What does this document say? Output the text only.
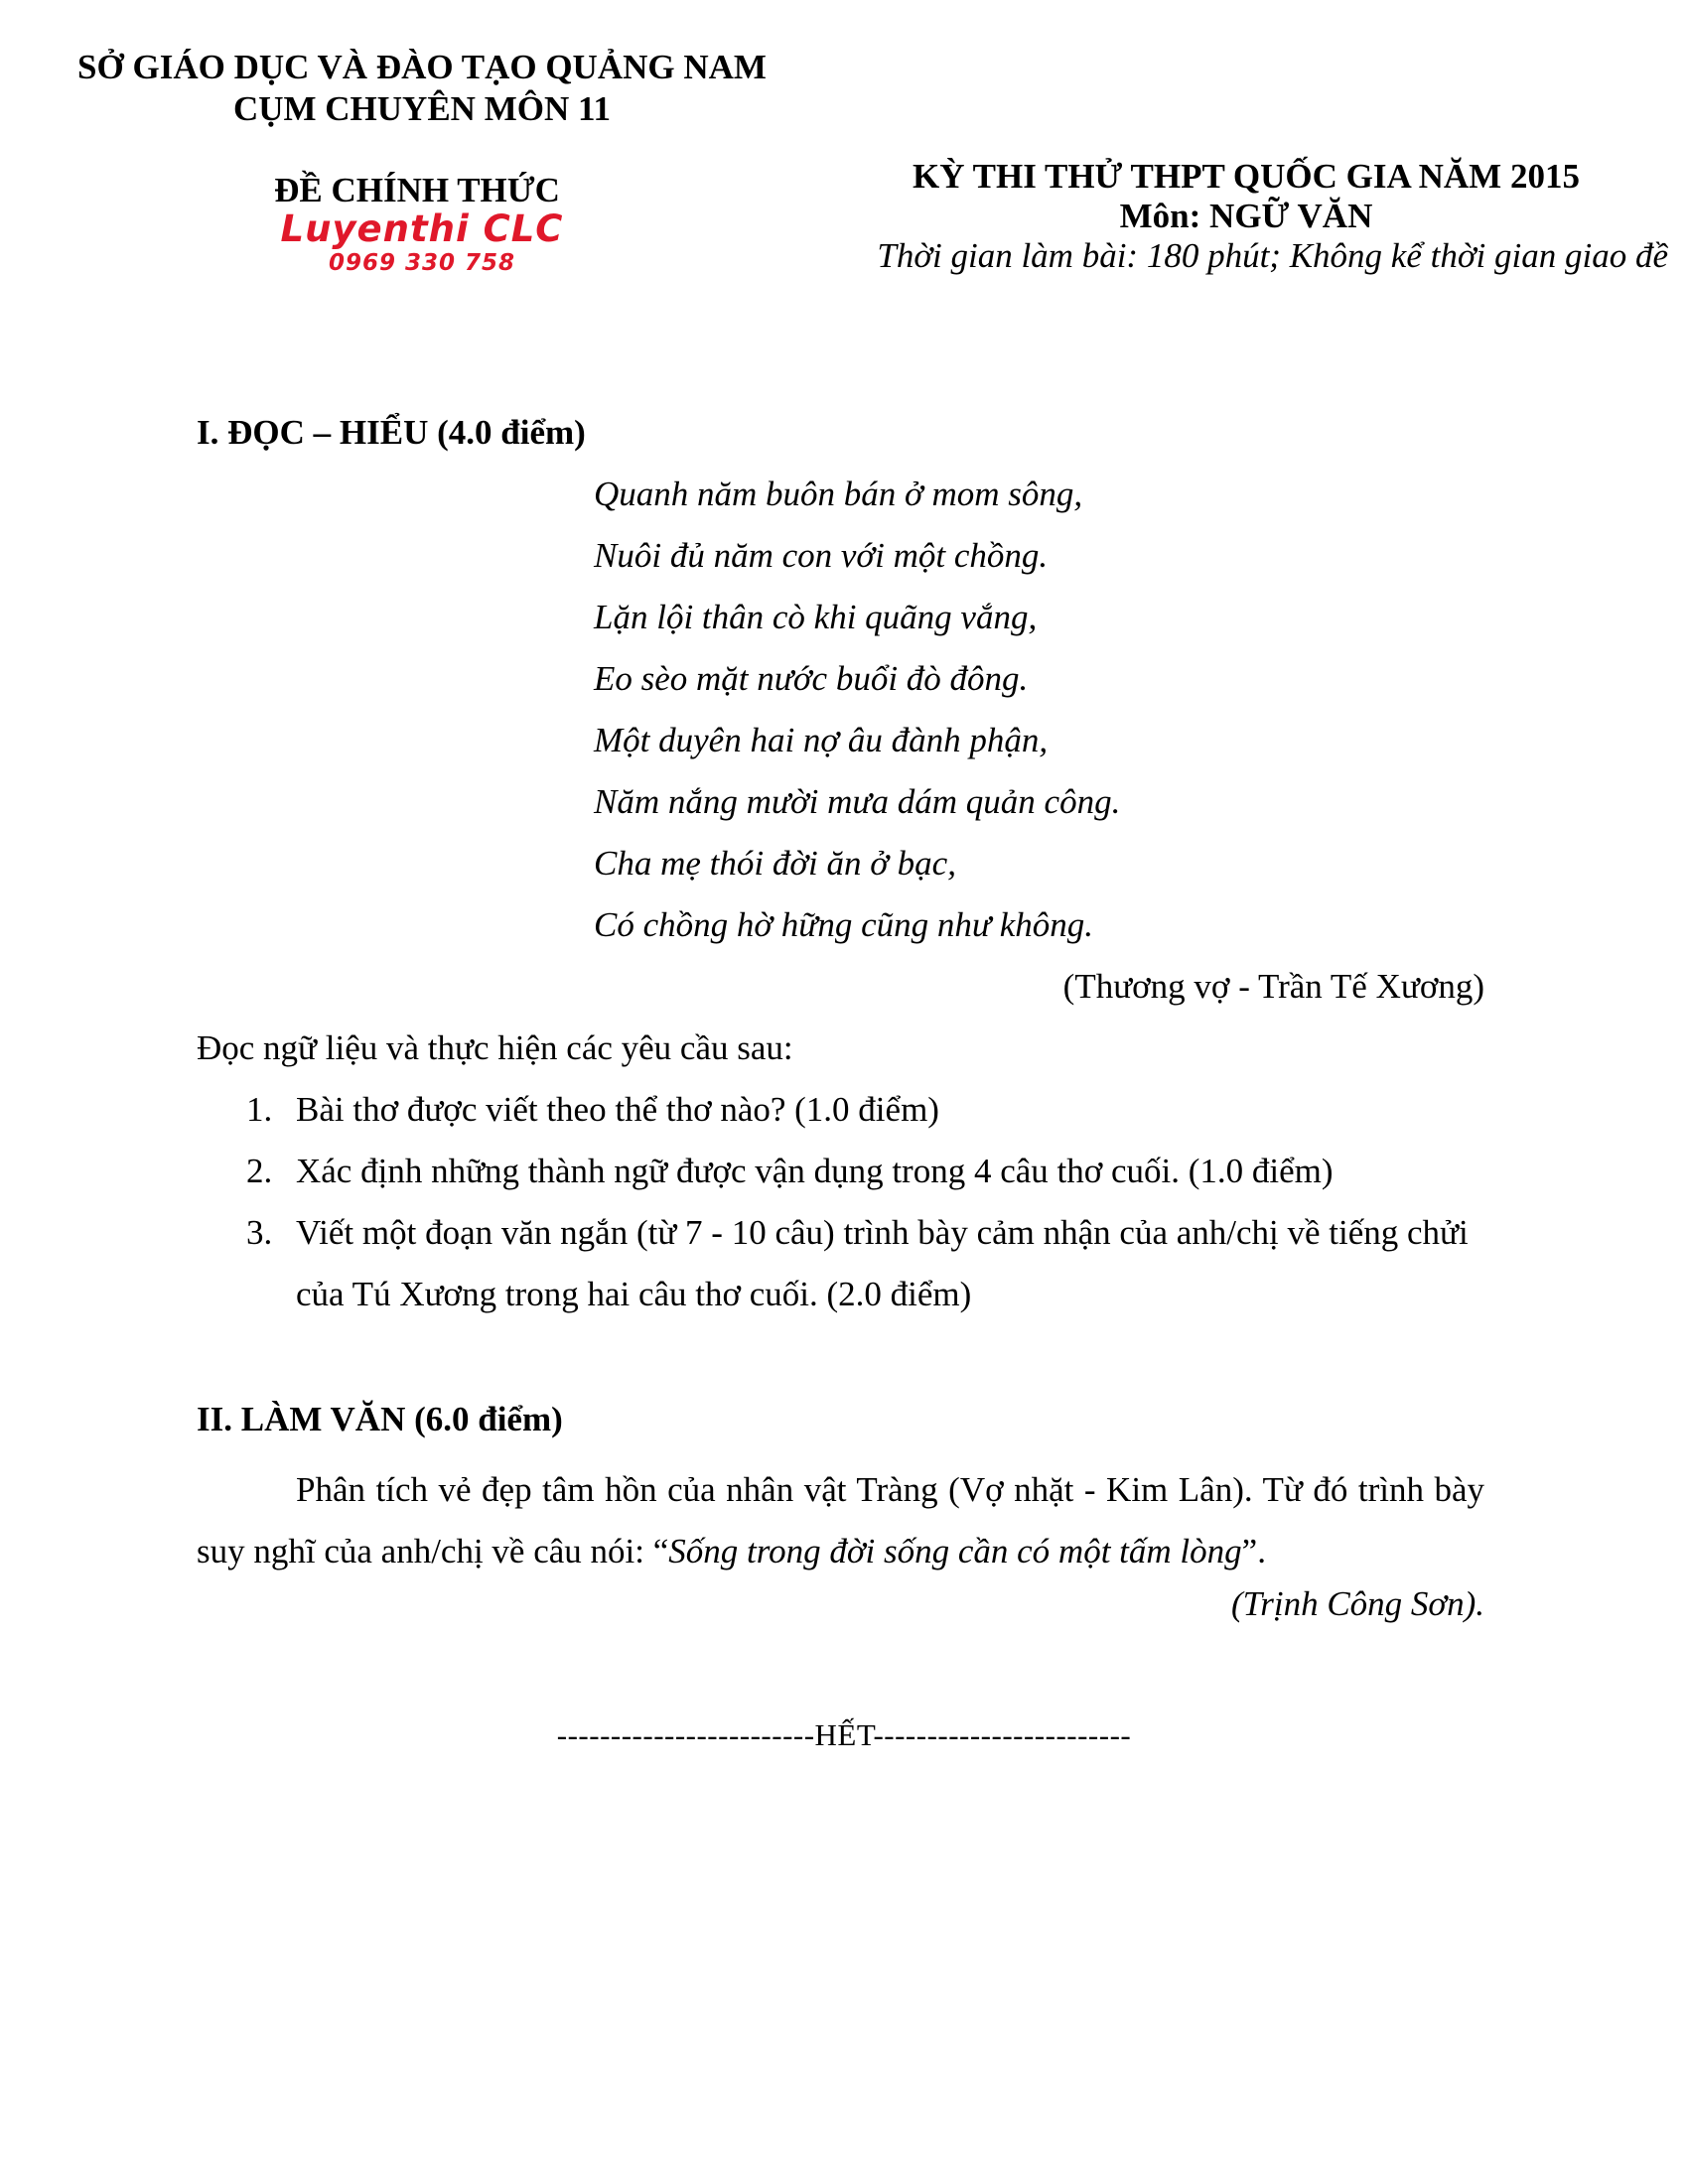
SỞ GIÁO DỤC VÀ ĐÀO TẠO QUẢNG NAM
CỤM CHUYÊN MÔN 11
ĐỀ CHÍNH THỨC
Luyenthi CLC
0969 330 758
KỲ THI THỬ THPT QUỐC GIA NĂM 2015
Môn: NGỮ VĂN
Thời gian làm bài: 180 phút; Không kể thời gian giao đề
I. ĐỌC – HIỂU (4.0 điểm)
Quanh năm buôn bán ở mom sông,
Nuôi đủ năm con với một chồng.
Lặn lội thân cò khi quãng vắng,
Eo sèo mặt nước buổi đò đông.
Một duyên hai nợ âu đành phận,
Năm nắng mười mưa dám quản công.
Cha mẹ thói đời ăn ở bạc,
Có chồng hờ hững cũng như không.
(Thương vợ - Trần Tế Xương)
Đọc ngữ liệu và thực hiện các yêu cầu sau:
1. Bài thơ được viết theo thể thơ nào? (1.0 điểm)
2. Xác định những thành ngữ được vận dụng trong 4 câu thơ cuối. (1.0 điểm)
3. Viết một đoạn văn ngắn (từ 7 - 10 câu) trình bày cảm nhận của anh/chị về tiếng chửi
của Tú Xương trong hai câu thơ cuối. (2.0 điểm)
II. LÀM VĂN (6.0 điểm)
Phân tích vẻ đẹp tâm hồn của nhân vật Tràng (Vợ nhặt - Kim Lân). Từ đó trình bày suy nghĩ của anh/chị về câu nói: “Sống trong đời sống cần có một tấm lòng”.
(Trịnh Công Sơn).
------------------------HẾT------------------------
